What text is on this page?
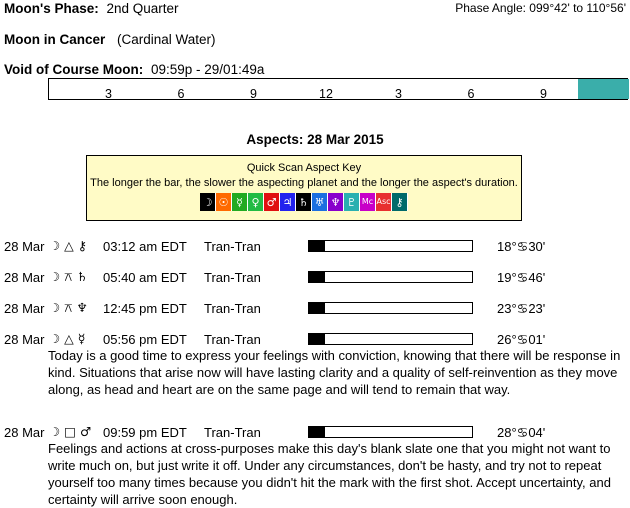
Moon's Phase: 2nd Quarter	Phase Angle: 099°42' to 110°56'
Moon in Cancer (Cardinal Water)
Void of Course Moon: 09:59p - 29/01:49a
3	6	9	12	3	6	9
Aspects: 28 Mar 2015
Quick Scan Aspect Key
The longer the bar, the slower the aspecting planet and the longer the aspect's duration.
☽ ☉ ☿ ♀ ♂ ♃ ♄ ♅ ♆ ♇ Mc Asc ⚷
28 Mar ☽ △ ⚷ 03:12 am EDT Tran-Tran	18°♋30'
28 Mar ☽ ⚻ ♄ 05:40 am EDT Tran-Tran	19°♋46'
28 Mar ☽ ⚻ ♆ 12:45 pm EDT Tran-Tran	23°♋23'
28 Mar ☽ △ ☿ 05:56 pm EDT Tran-Tran	26°♋01'
Today is a good time to express your feelings with conviction, knowing that there will be response in kind. Situations that arise now will have lasting clarity and a quality of self-reinvention as they move along, as head and heart are on the same page and will tend to remain that way.
28 Mar ☽ □ ♂ 09:59 pm EDT Tran-Tran	28°♋04'
Feelings and actions at cross-purposes make this day's blank slate one that you might not want to write much on, but just write it off. Under any circumstances, don't be hasty, and try not to repeat yourself too many times because you didn't hit the mark with the first shot. Accept uncertainty, and certainty will arrive soon enough.
